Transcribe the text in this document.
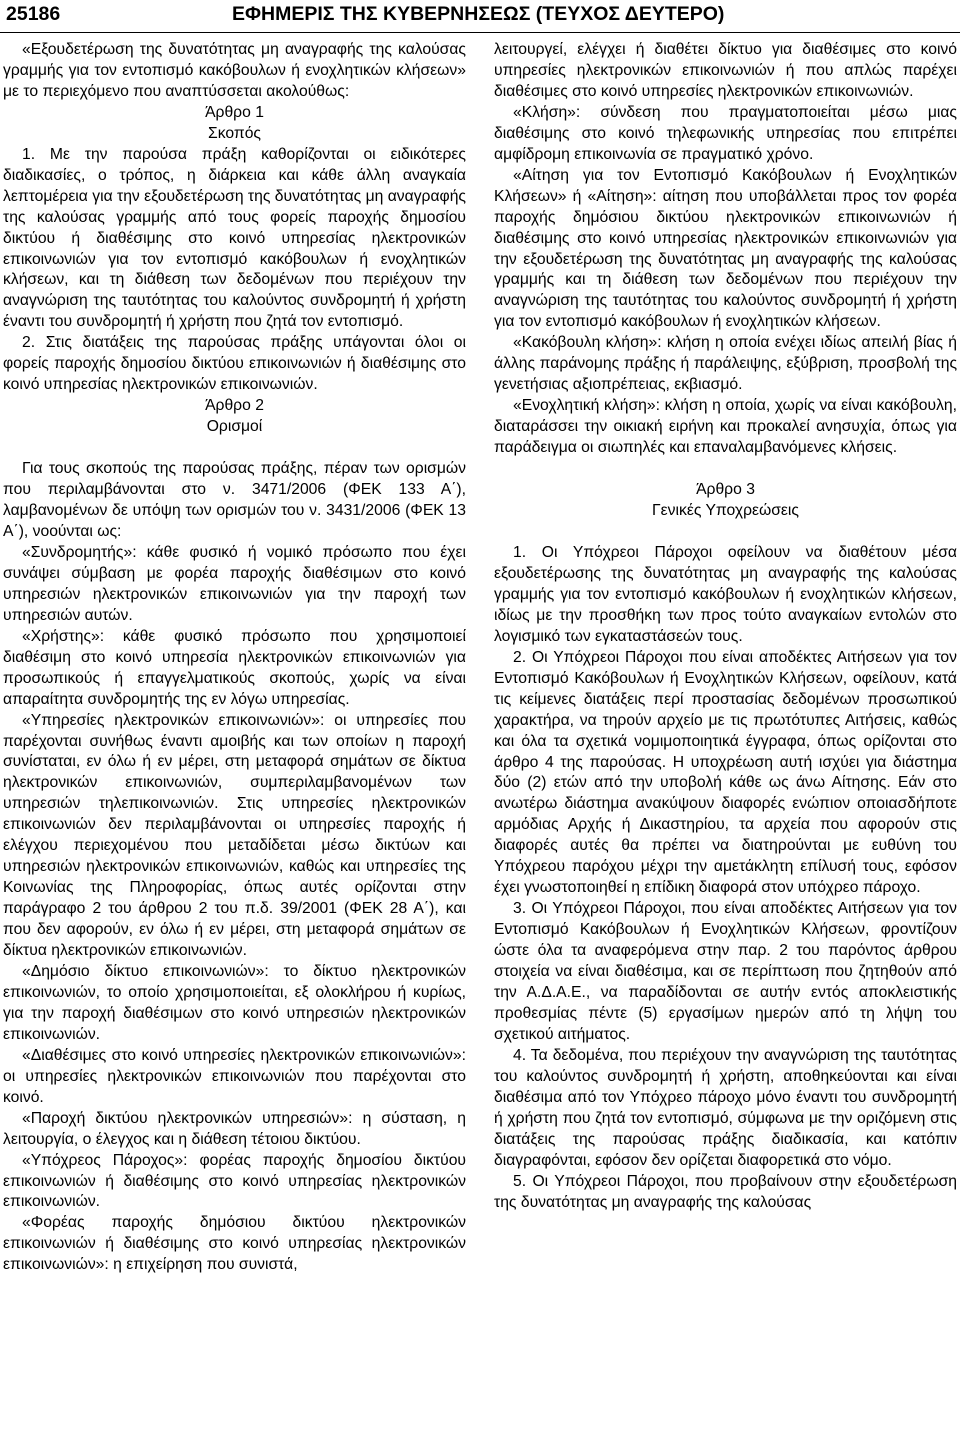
25186	ΕΦΗΜΕΡΙΣ ΤΗΣ ΚΥΒΕΡΝΗΣΕΩΣ (ΤΕΥΧΟΣ ΔΕΥΤΕΡΟ)

«Εξουδετέρωση της δυνατότητας μη αναγραφής της καλούσας γραμμής για τον εντοπισμό κακόβουλων ή ενοχλητικών κλήσεων» με το περιεχόμενο που αναπτύσσεται ακολούθως:

Άρθρο 1

Σκοπός

1. Με την παρούσα πράξη καθορίζονται οι ειδικότερες διαδικασίες, ο τρόπος, η διάρκεια και κάθε άλλη αναγκαία λεπτομέρεια για την εξουδετέρωση της δυνατότητας μη αναγραφής της καλούσας γραμμής από τους φορείς παροχής δημοσίου δικτύου ή διαθέσιμης στο κοινό υπηρεσίας ηλεκτρονικών επικοινωνιών για τον εντοπισμό κακόβουλων ή ενοχλητικών κλήσεων, και τη διάθεση των δεδομένων που περιέχουν την αναγνώριση της ταυτότητας του καλούντος συνδρομητή ή χρήστη έναντι του συνδρομητή ή χρήστη που ζητά τον εντοπισμό.

2. Στις διατάξεις της παρούσας πράξης υπάγονται όλοι οι φορείς παροχής δημοσίου δικτύου επικοινωνιών ή διαθέσιμης στο κοινό υπηρεσίας ηλεκτρονικών επικοινωνιών.

Άρθρο 2

Ορισμοί

Για τους σκοπούς της παρούσας πράξης, πέραν των ορισμών που περιλαμβάνονται στο ν. 3471/2006 (ΦΕΚ 133 Α΄), λαμβανομένων δε υπόψη των ορισμών του ν. 3431/2006 (ΦΕΚ 13 Α΄), νοούνται ως:

«Συνδρομητής»: κάθε φυσικό ή νομικό πρόσωπο που έχει συνάψει σύμβαση με φορέα παροχής διαθέσιμων στο κοινό υπηρεσιών ηλεκτρονικών επικοινωνιών για την παροχή των υπηρεσιών αυτών.

«Χρήστης»: κάθε φυσικό πρόσωπο που χρησιμοποιεί διαθέσιμη στο κοινό υπηρεσία ηλεκτρονικών επικοινωνιών για προσωπικούς ή επαγγελματικούς σκοπούς, χωρίς να είναι απαραίτητα συνδρομητής της εν λόγω υπηρεσίας.

«Υπηρεσίες ηλεκτρονικών επικοινωνιών»: οι υπηρεσίες που παρέχονται συνήθως έναντι αμοιβής και των οποίων η παροχή συνίσταται, εν όλω ή εν μέρει, στη μεταφορά σημάτων σε δίκτυα ηλεκτρονικών επικοινωνιών, συμπεριλαμβανομένων των υπηρεσιών τηλεπικοινωνιών. Στις υπηρεσίες ηλεκτρονικών επικοινωνιών δεν περιλαμβάνονται οι υπηρεσίες παροχής ή ελέγχου περιεχομένου που μεταδίδεται μέσω δικτύων και υπηρεσιών ηλεκτρονικών επικοινωνιών, καθώς και υπηρεσίες της Κοινωνίας της Πληροφορίας, όπως αυτές ορίζονται στην παράγραφο 2 του άρθρου 2 του π.δ. 39/2001 (ΦΕΚ 28 Α΄), και που δεν αφορούν, εν όλω ή εν μέρει, στη μεταφορά σημάτων σε δίκτυα ηλεκτρονικών επικοινωνιών.

«Δημόσιο δίκτυο επικοινωνιών»: το δίκτυο ηλεκτρονικών επικοινωνιών, το οποίο χρησιμοποιείται, εξ ολοκλήρου ή κυρίως, για την παροχή διαθέσιμων στο κοινό υπηρεσιών ηλεκτρονικών επικοινωνιών.

«Διαθέσιμες στο κοινό υπηρεσίες ηλεκτρονικών επικοινωνιών»: οι υπηρεσίες ηλεκτρονικών επικοινωνιών που παρέχονται στο κοινό.

«Παροχή δικτύου ηλεκτρονικών υπηρεσιών»: η σύσταση, η λειτουργία, ο έλεγχος και η διάθεση τέτοιου δικτύου.

«Υπόχρεος Πάροχος»: φορέας παροχής δημοσίου δικτύου επικοινωνιών ή διαθέσιμης στο κοινό υπηρεσίας ηλεκτρονικών επικοινωνιών.

«Φορέας παροχής δημόσιου δικτύου ηλεκτρονικών επικοινωνιών ή διαθέσιμης στο κοινό υπηρεσίας ηλεκτρονικών επικοινωνιών»: η επιχείρηση που συνιστά,

λειτουργεί, ελέγχει ή διαθέτει δίκτυο για διαθέσιμες στο κοινό υπηρεσίες ηλεκτρονικών επικοινωνιών ή που απλώς παρέχει διαθέσιμες στο κοινό υπηρεσίες ηλεκτρονικών επικοινωνιών.

«Κλήση»: σύνδεση που πραγματοποιείται μέσω μιας διαθέσιμης στο κοινό τηλεφωνικής υπηρεσίας που επιτρέπει αμφίδρομη επικοινωνία σε πραγματικό χρόνο.

«Αίτηση για τον Εντοπισμό Κακόβουλων ή Ενοχλητικών Κλήσεων» ή «Αίτηση»: αίτηση που υποβάλλεται προς τον φορέα παροχής δημόσιου δικτύου ηλεκτρονικών επικοινωνιών ή διαθέσιμης στο κοινό υπηρεσίας ηλεκτρονικών επικοινωνιών για την εξουδετέρωση της δυνατότητας μη αναγραφής της καλούσας γραμμής και τη διάθεση των δεδομένων που περιέχουν την αναγνώριση της ταυτότητας του καλούντος συνδρομητή ή χρήστη για τον εντοπισμό κακόβουλων ή ενοχλητικών κλήσεων.

«Κακόβουλη κλήση»: κλήση η οποία ενέχει ιδίως απειλή βίας ή άλλης παράνομης πράξης ή παράλειψης, εξύβριση, προσβολή της γενετήσιας αξιοπρέπειας, εκβιασμό.

«Ενοχλητική κλήση»: κλήση η οποία, χωρίς να είναι κακόβουλη, διαταράσσει την οικιακή ειρήνη και προκαλεί ανησυχία, όπως για παράδειγμα οι σιωπηλές και επαναλαμβανόμενες κλήσεις.

Άρθρο 3

Γενικές Υποχρεώσεις

1. Οι Υπόχρεοι Πάροχοι οφείλουν να διαθέτουν μέσα εξουδετέρωσης της δυνατότητας μη αναγραφής της καλούσας γραμμής για τον εντοπισμό κακόβουλων ή ενοχλητικών κλήσεων, ιδίως με την προσθήκη των προς τούτο αναγκαίων εντολών στο λογισμικό των εγκαταστάσεών τους.

2. Οι Υπόχρεοι Πάροχοι που είναι αποδέκτες Αιτήσεων για τον Εντοπισμό Κακόβουλων ή Ενοχλητικών Κλήσεων, οφείλουν, κατά τις κείμενες διατάξεις περί προστασίας δεδομένων προσωπικού χαρακτήρα, να τηρούν αρχείο με τις πρωτότυπες Αιτήσεις, καθώς και όλα τα σχετικά νομιμοποιητικά έγγραφα, όπως ορίζονται στο άρθρο 4 της παρούσας. Η υποχρέωση αυτή ισχύει για διάστημα δύο (2) ετών από την υποβολή κάθε ως άνω Αίτησης. Εάν στο ανωτέρω διάστημα ανακύψουν διαφορές ενώπιον οποιασδήποτε αρμόδιας Αρχής ή Δικαστηρίου, τα αρχεία που αφορούν στις διαφορές αυτές θα πρέπει να διατηρούνται με ευθύνη του Υπόχρεου παρόχου μέχρι την αμετάκλητη επίλυσή τους, εφόσον έχει γνωστοποιηθεί η επίδικη διαφορά στον υπόχρεο πάροχο.

3. Οι Υπόχρεοι Πάροχοι, που είναι αποδέκτες Αιτήσεων για τον Εντοπισμό Κακόβουλων ή Ενοχλητικών Κλήσεων, φροντίζουν ώστε όλα τα αναφερόμενα στην παρ. 2 του παρόντος άρθρου στοιχεία να είναι διαθέσιμα, και σε περίπτωση που ζητηθούν από την Α.Δ.Α.Ε., να παραδίδονται σε αυτήν εντός αποκλειστικής προθεσμίας πέντε (5) εργασίμων ημερών από τη λήψη του σχετικού αιτήματος.

4. Τα δεδομένα, που περιέχουν την αναγνώριση της ταυτότητας του καλούντος συνδρομητή ή χρήστη, αποθηκεύονται και είναι διαθέσιμα από τον Υπόχρεο πάροχο μόνο έναντι του συνδρομητή ή χρήστη που ζητά τον εντοπισμό, σύμφωνα με την οριζόμενη στις διατάξεις της παρούσας πράξης διαδικασία, και κατόπιν διαγραφόνται, εφόσον δεν ορίζεται διαφορετικά στο νόμο.

5. Οι Υπόχρεοι Πάροχοι, που προβαίνουν στην εξουδετέρωση της δυνατότητας μη αναγραφής της καλούσας
